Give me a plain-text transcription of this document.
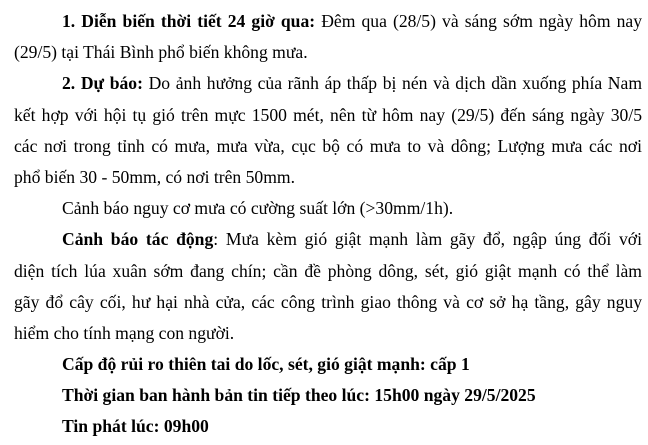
1. Diễn biến thời tiết 24 giờ qua: Đêm qua (28/5) và sáng sớm ngày hôm nay
(29/5) tại Thái Bình phổ biến không mưa.
2. Dự báo: Do ảnh hưởng của rãnh áp thấp bị nén và dịch dần xuống phía Nam
kết hợp với hội tụ gió trên mực 1500 mét, nên từ hôm nay (29/5) đến sáng ngày 30/5
các nơi trong tỉnh có mưa, mưa vừa, cục bộ có mưa to và dông; Lượng mưa các nơi
phổ biến 30 - 50mm, có nơi trên 50mm.
Cảnh báo nguy cơ mưa có cường suất lớn (>30mm/1h).
Cảnh báo tác động: Mưa kèm gió giật mạnh làm gãy đổ, ngập úng đối với
diện tích lúa xuân sớm đang chín; cần đề phòng dông, sét, gió giật mạnh có thể làm
gãy đổ cây cối, hư hại nhà cửa, các công trình giao thông và cơ sở hạ tầng, gây nguy
hiểm cho tính mạng con người.
Cấp độ rủi ro thiên tai do lốc, sét, gió giật mạnh: cấp 1
Thời gian ban hành bản tin tiếp theo lúc: 15h00 ngày 29/5/2025
Tin phát lúc: 09h00
